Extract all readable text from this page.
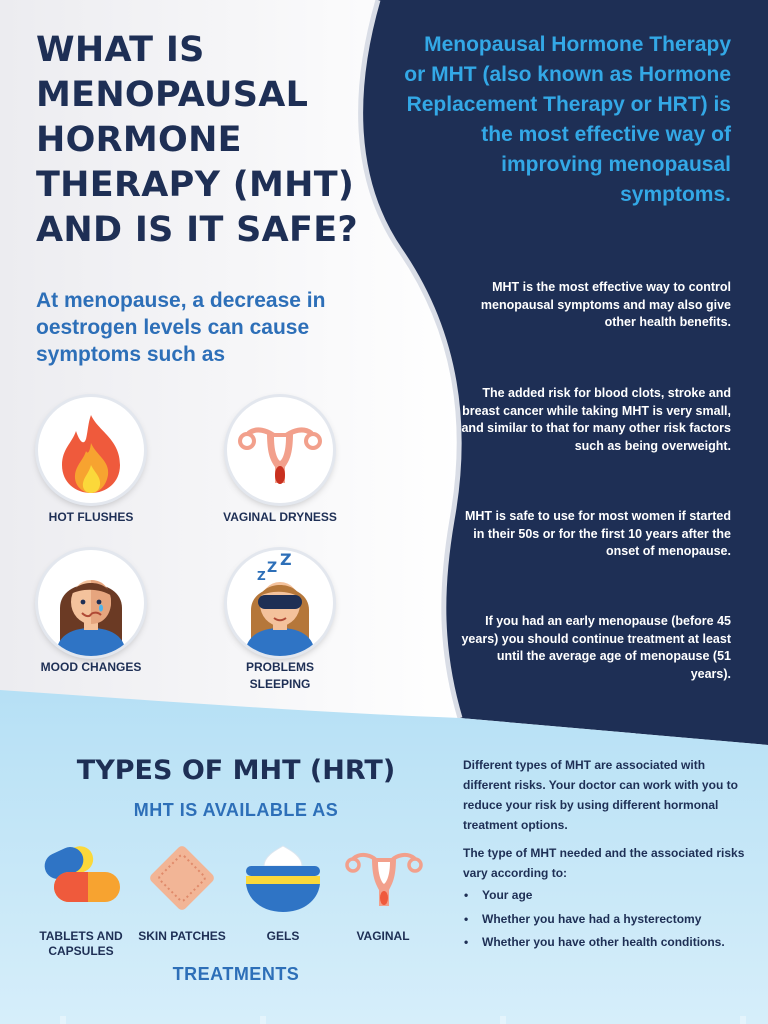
WHAT IS MENOPAUSAL HORMONE THERAPY (MHT) AND IS IT SAFE?
At menopause, a decrease in oestrogen levels can cause symptoms such as
HOT FLUSHES	VAGINAL DRYNESS
MOOD CHANGES
Z Z Z
PROBLEMS SLEEPING
Menopausal Hormone Therapy or MHT (also known as Hormone Replacement Therapy or HRT) is the most effective way of improving menopausal symptoms.
MHT is the most effective way to control menopausal symptoms and may also give other health benefits.
The added risk for blood clots, stroke and breast cancer while taking MHT is very small, and similar to that for many other risk factors such as being overweight.
MHT is safe to use for most women if started in their 50s or for the first 10 years after the onset of menopause.
If you had an early menopause (before 45 years) you should continue treatment at least until the average age of menopause (51 years).
TYPES OF MHT (HRT)
MHT IS AVAILABLE AS
TABLETS AND CAPSULES
SKIN PATCHES	GELS	VAGINAL
TREATMENTS
Different types of MHT are associated with different risks. Your doctor can work with you to reduce your risk by using different hormonal treatment options.
The type of MHT needed and the associated risks vary according to:
• Your age
• Whether you have had a hysterectomy
• Whether you have other health conditions.
